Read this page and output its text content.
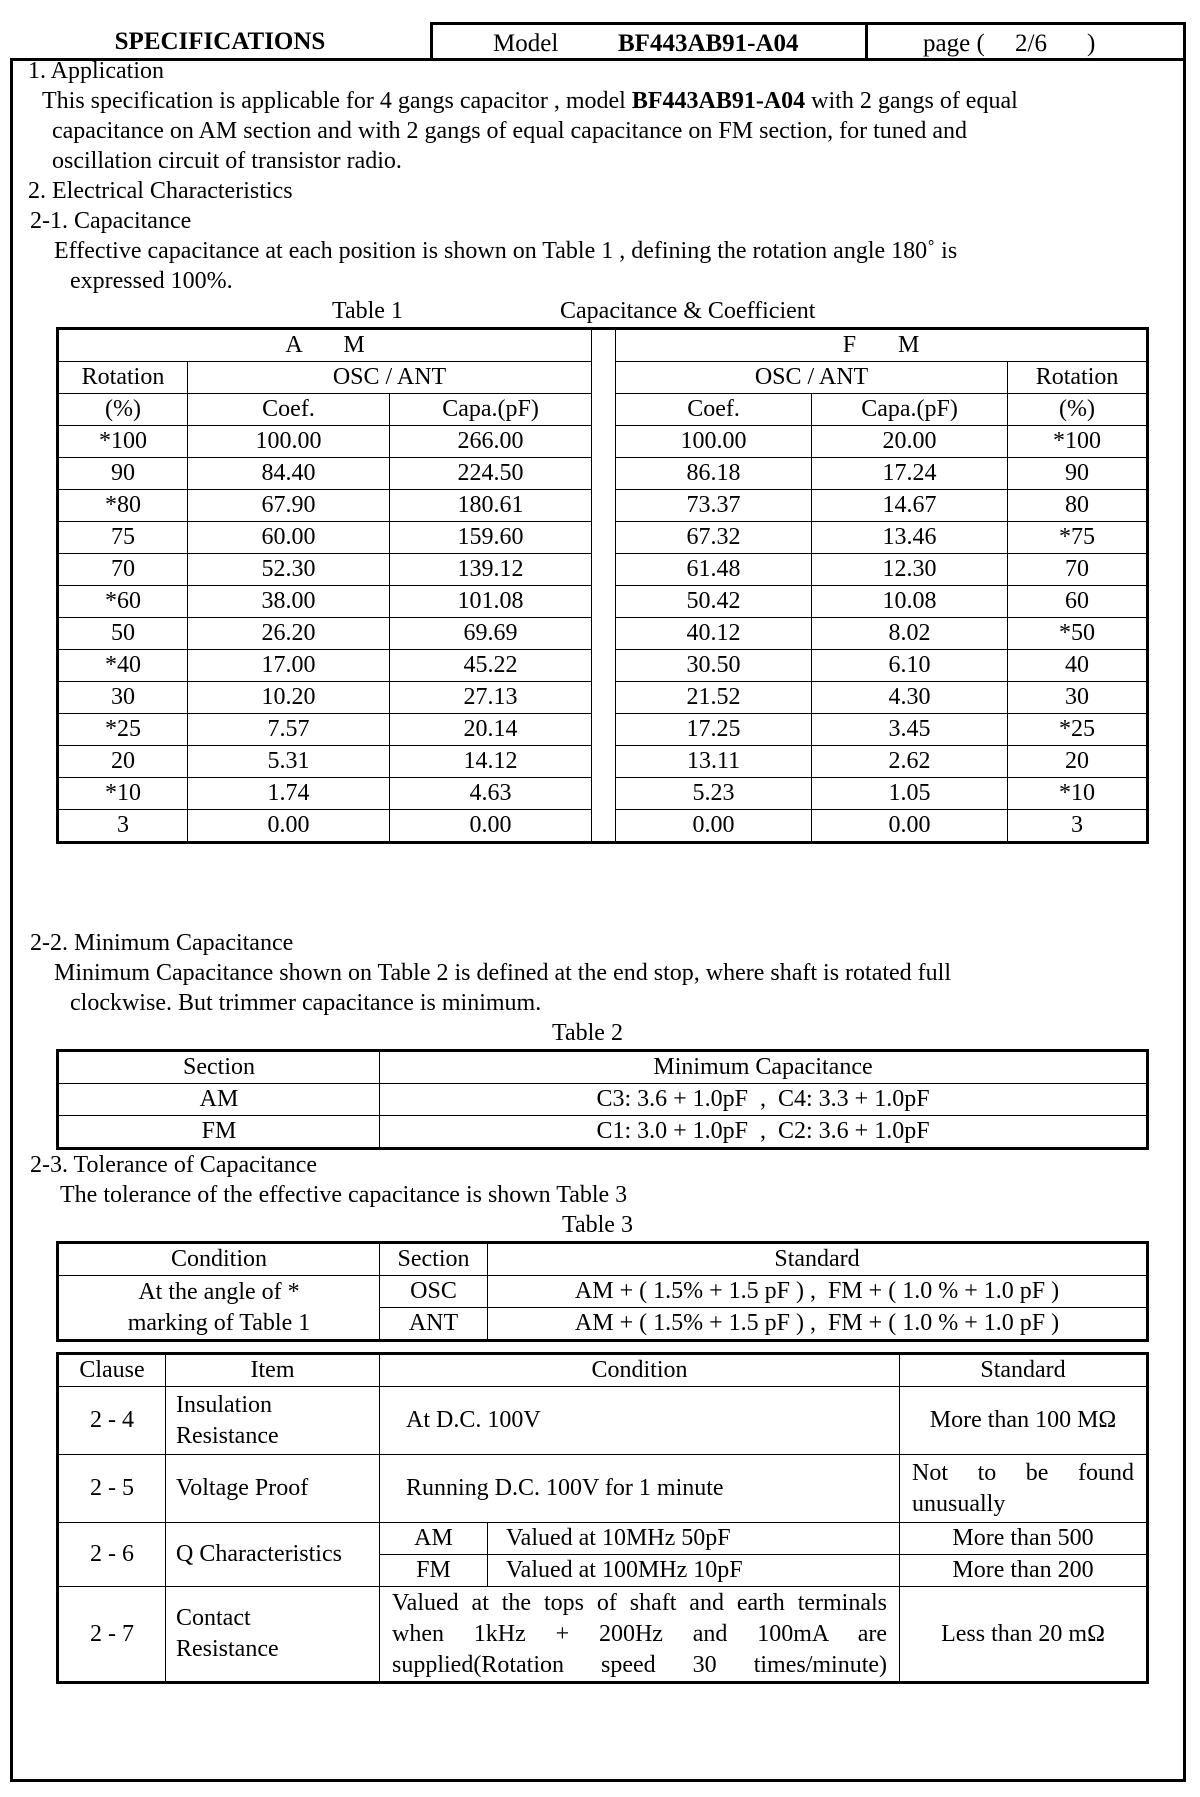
SPECIFICATIONS	Model BF443AB91-A04	page ( 2/6 )
1. Application
This specification is applicable for 4 gangs capacitor , model BF443AB91-A04 with 2 gangs of equal
capacitance on AM section and with 2 gangs of equal capacitance on FM section, for tuned and
oscillation circuit of transistor radio.
2. Electrical Characteristics
2-1. Capacitance
Effective capacitance at each position is shown on Table 1 , defining the rotation angle 180˚ is
expressed 100%.
Table 1	Capacitance & Coefficient
A       M				F       M		
Rotation	OSC / ANT			OSC / ANT		Rotation
(%)	Coef.	Capa.(pF)		Coef.	Capa.(pF)	(%)
*100	100.00	266.00		100.00	20.00	*100
90	84.40	224.50		86.18	17.24	90
*80	67.90	180.61		73.37	14.67	80
75	60.00	159.60		67.32	13.46	*75
70	52.30	139.12		61.48	12.30	70
*60	38.00	101.08		50.42	10.08	60
50	26.20	69.69		40.12	8.02	*50
*40	17.00	45.22		30.50	6.10	40
30	10.20	27.13		21.52	4.30	30
*25	7.57	20.14		17.25	3.45	*25
20	5.31	14.12		13.11	2.62	20
*10	1.74	4.63		5.23	1.05	*10
3	0.00	0.00		0.00	0.00	3
2-2. Minimum Capacitance
Minimum Capacitance shown on Table 2 is defined at the end stop, where shaft is rotated full
clockwise. But trimmer capacitance is minimum.
Table 2
Section	Minimum Capacitance
AM	C3: 3.6 + 1.0pF  ,  C4: 3.3 + 1.0pF
FM	C1: 3.0 + 1.0pF  ,  C2: 3.6 + 1.0pF
2-3. Tolerance of Capacitance
The tolerance of the effective capacitance is shown Table 3
Table 3
Condition	Section	Standard
At the angle of * marking of Table 1	OSC	AM + ( 1.5% + 1.5 pF ) ,  FM + ( 1.0 % + 1.0 pF )
	ANT	AM + ( 1.5% + 1.5 pF ) ,  FM + ( 1.0 % + 1.0 pF )
Clause	Item	Condition		Standard
2 - 4	Insulation Resistance	At D.C. 100V		More than 100 MΩ
2 - 5	Voltage Proof	Running D.C. 100V for 1 minute		Not to be found unusually
2 - 6	Q Characteristics	AM	Valued at 10MHz 50pF	More than 500
		FM	Valued at 100MHz 10pF	More than 200
2 - 7	Contact Resistance	Valued at the tops of shaft and earth terminals when 1kHz + 200Hz and 100mA are supplied(Rotation speed 30 times/minute)		Less than 20 mΩ
